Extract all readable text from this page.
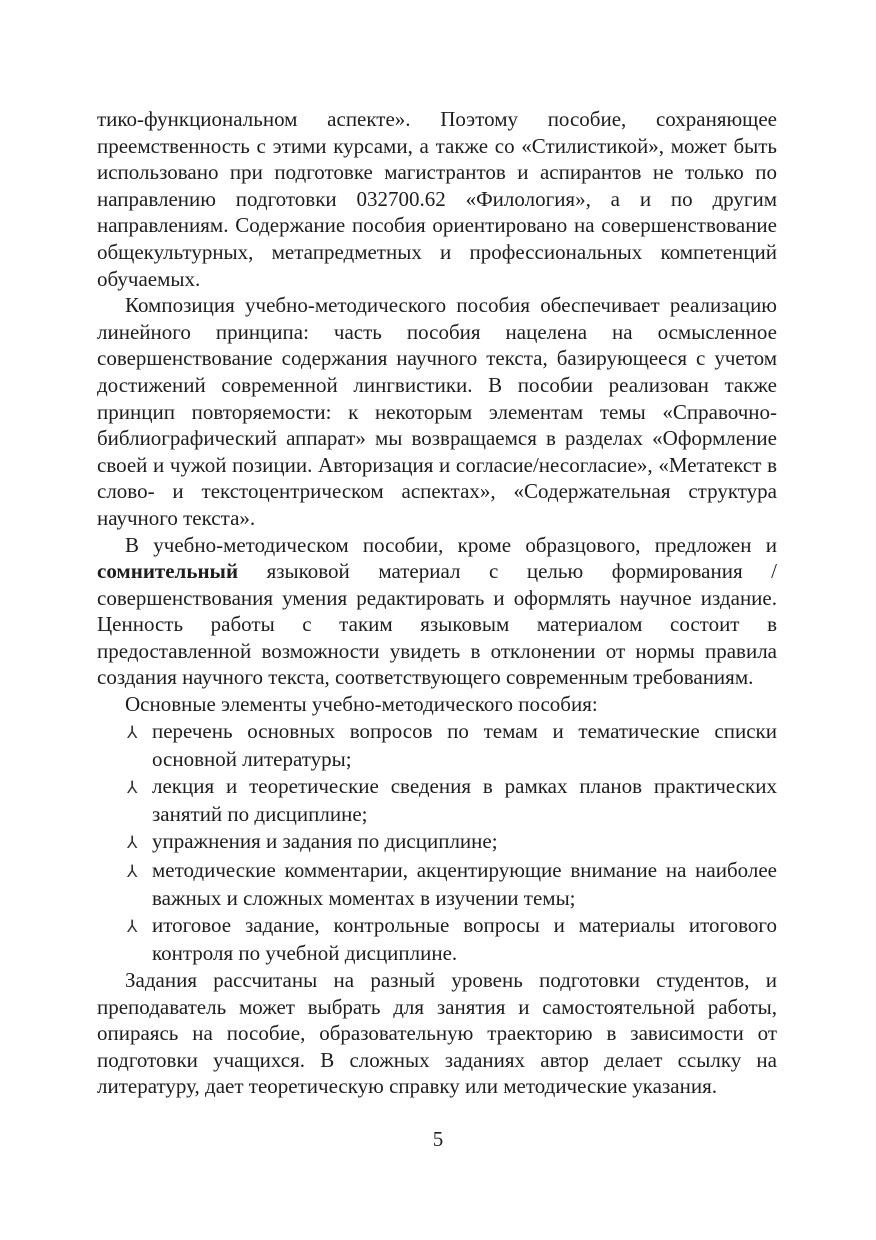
тико-функциональном аспекте». Поэтому пособие, сохраняющее преемственность с этими курсами, а также со «Стилистикой», может быть использовано при подготовке магистрантов и аспирантов не только по направлению подготовки 032700.62 «Филология», а и по другим направлениям. Содержание пособия ориентировано на совершенствование общекультурных, метапредметных и профессиональных компетенций обучаемых.

Композиция учебно-методического пособия обеспечивает реализацию линейного принципа: часть пособия нацелена на осмысленное совершенствование содержания научного текста, базирующееся с учетом достижений современной лингвистики. В пособии реализован также принцип повторяемости: к некоторым элементам темы «Справочно-библиографический аппарат» мы возвращаемся в разделах «Оформление своей и чужой позиции. Авторизация и согласие/несогласие», «Метатекст в слово- и текстоцентрическом аспектах», «Содержательная структура научного текста».

В учебно-методическом пособии, кроме образцового, предложен и сомнительный языковой материал с целью формирования / совершенствования умения редактировать и оформлять научное издание. Ценность работы с таким языковым материалом состоит в предоставленной возможности увидеть в отклонении от нормы правила создания научного текста, соответствующего современным требованиям.

Основные элементы учебно-методического пособия:

⅄ перечень основных вопросов по темам и тематические списки основной литературы;
⅄ лекция и теоретические сведения в рамках планов практических занятий по дисциплине;
⅄ упражнения и задания по дисциплине;
⅄ методические комментарии, акцентирующие внимание на наиболее важных и сложных моментах в изучении темы;
⅄ итоговое задание, контрольные вопросы и материалы итогового контроля по учебной дисциплине.

Задания рассчитаны на разный уровень подготовки студентов, и преподаватель может выбрать для занятия и самостоятельной работы, опираясь на пособие, образовательную траекторию в зависимости от подготовки учащихся. В сложных заданиях автор делает ссылку на литературу, дает теоретическую справку или методические указания.

5
